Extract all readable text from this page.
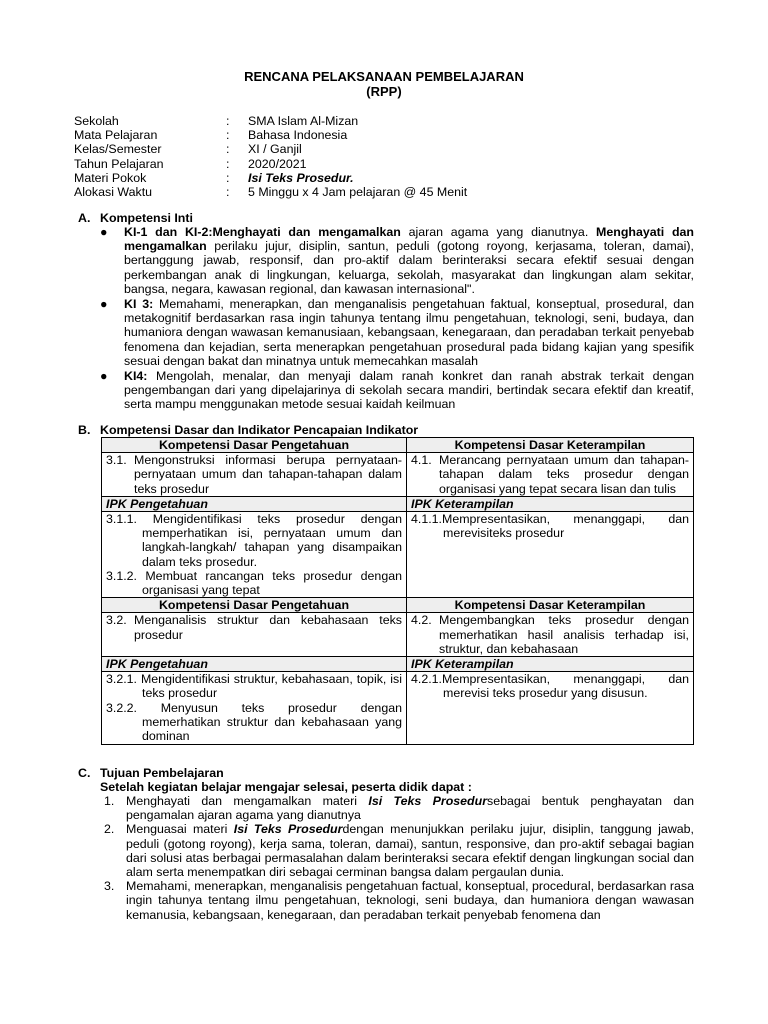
RENCANA PELAKSANAAN PEMBELAJARAN
(RPP)
Sekolah	:	SMA Islam Al-Mizan
Mata Pelajaran	:	Bahasa Indonesia
Kelas/Semester	:	XI / Ganjil
Tahun Pelajaran	:	2020/2021
Materi Pokok	:	Isi Teks Prosedur.
Alokasi Waktu	:	5 Minggu x 4 Jam pelajaran @ 45 Menit
A. Kompetensi Inti
● KI-1 dan KI-2:Menghayati dan mengamalkan ajaran agama yang dianutnya. Menghayati dan mengamalkan perilaku jujur, disiplin, santun, peduli (gotong royong, kerjasama, toleran, damai), bertanggung jawab, responsif, dan pro-aktif dalam berinteraksi secara efektif sesuai dengan perkembangan anak di lingkungan, keluarga, sekolah, masyarakat dan lingkungan alam sekitar, bangsa, negara, kawasan regional, dan kawasan internasional".
● KI 3: Memahami, menerapkan, dan menganalisis pengetahuan faktual, konseptual, prosedural, dan metakognitif berdasarkan rasa ingin tahunya tentang ilmu pengetahuan, teknologi, seni, budaya, dan humaniora dengan wawasan kemanusiaan, kebangsaan, kenegaraan, dan peradaban terkait penyebab fenomena dan kejadian, serta menerapkan pengetahuan prosedural pada bidang kajian yang spesifik sesuai dengan bakat dan minatnya untuk memecahkan masalah
● KI4: Mengolah, menalar, dan menyaji dalam ranah konkret dan ranah abstrak terkait dengan pengembangan dari yang dipelajarinya di sekolah secara mandiri, bertindak secara efektif dan kreatif, serta mampu menggunakan metode sesuai kaidah keilmuan
B. Kompetensi Dasar dan Indikator Pencapaian Indikator
Kompetensi Dasar Pengetahuan	Kompetensi Dasar Keterampilan

3.1. Mengonstruksi informasi berupa pernyataan-pernyataan umum dan tahapan-tahapan dalam teks prosedur	4.1. Merancang pernyataan umum dan tahapan-tahapan dalam teks prosedur dengan organisasi yang tepat secara lisan dan tulis

IPK Pengetahuan	IPK Keterampilan

3.1.1. Mengidentifikasi teks prosedur dengan memperhatikan isi, pernyataan umum dan langkah-langkah/ tahapan yang disampaikan dalam teks prosedur.
3.1.2. Membuat rancangan teks prosedur dengan organisasi yang tepat	4.1.1.Mempresentasikan, menanggapi, dan merevisiteks prosedur

Kompetensi Dasar Pengetahuan	Kompetensi Dasar Keterampilan

3.2. Menganalisis struktur dan kebahasaan teks prosedur	4.2. Mengembangkan teks prosedur dengan memerhatikan hasil analisis terhadap isi, struktur, dan kebahasaan

IPK Pengetahuan	IPK Keterampilan

3.2.1. Mengidentifikasi struktur, kebahasaan, topik, isi teks prosedur
3.2.2. Menyusun teks prosedur dengan memerhatikan struktur dan kebahasaan yang dominan	4.2.1.Mempresentasikan, menanggapi, dan merevisi teks prosedur yang disusun.
C. Tujuan Pembelajaran
Setelah kegiatan belajar mengajar selesai, peserta didik dapat :
1. Menghayati dan mengamalkan materi Isi Teks Prosedursebagai bentuk penghayatan dan pengamalan ajaran agama yang dianutnya
2. Menguasai materi Isi Teks Prosedurdengan menunjukkan perilaku jujur, disiplin, tanggung jawab, peduli (gotong royong), kerja sama, toleran, damai), santun, responsive, dan pro-aktif sebagai bagian dari solusi atas berbagai permasalahan dalam berinteraksi secara efektif dengan lingkungan social dan alam serta menempatkan diri sebagai cerminan bangsa dalam pergaulan dunia.
3. Memahami, menerapkan, menganalisis pengetahuan factual, konseptual, procedural, berdasarkan rasa ingin tahunya tentang ilmu pengetahuan, teknologi, seni budaya, dan humaniora dengan wawasan kemanusia, kebangsaan, kenegaraan, dan peradaban terkait penyebab fenomena dan
